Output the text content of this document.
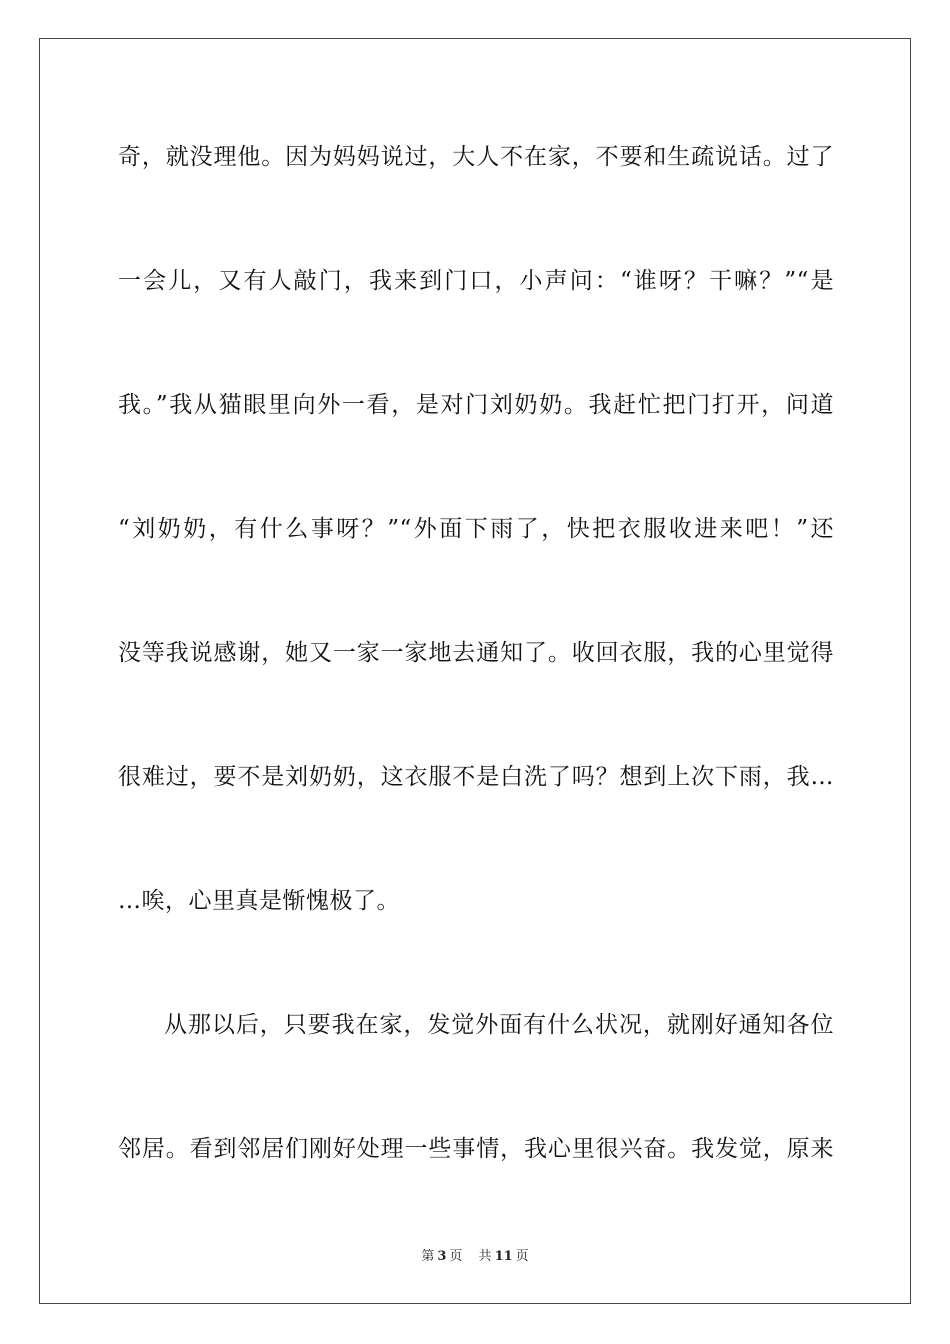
奇，就没理他。因为妈妈说过，大人不在家，不要和生疏说话。过了
一会儿，又有人敲门，我来到门口，小声问：“谁呀？干嘛？”“是
我。”我从猫眼里向外一看，是对门刘奶奶。我赶忙把门打开，问道
“刘奶奶，有什么事呀？”“外面下雨了，快把衣服收进来吧！”还
没等我说感谢，她又一家一家地去通知了。收回衣服，我的心里觉得
很难过，要不是刘奶奶，这衣服不是白洗了吗？想到上次下雨，我…
…唉，心里真是惭愧极了。
从那以后，只要我在家，发觉外面有什么状况，就刚好通知各位
邻居。看到邻居们刚好处理一些事情，我心里很兴奋。我发觉，原来
第 3 页 共 11 页
